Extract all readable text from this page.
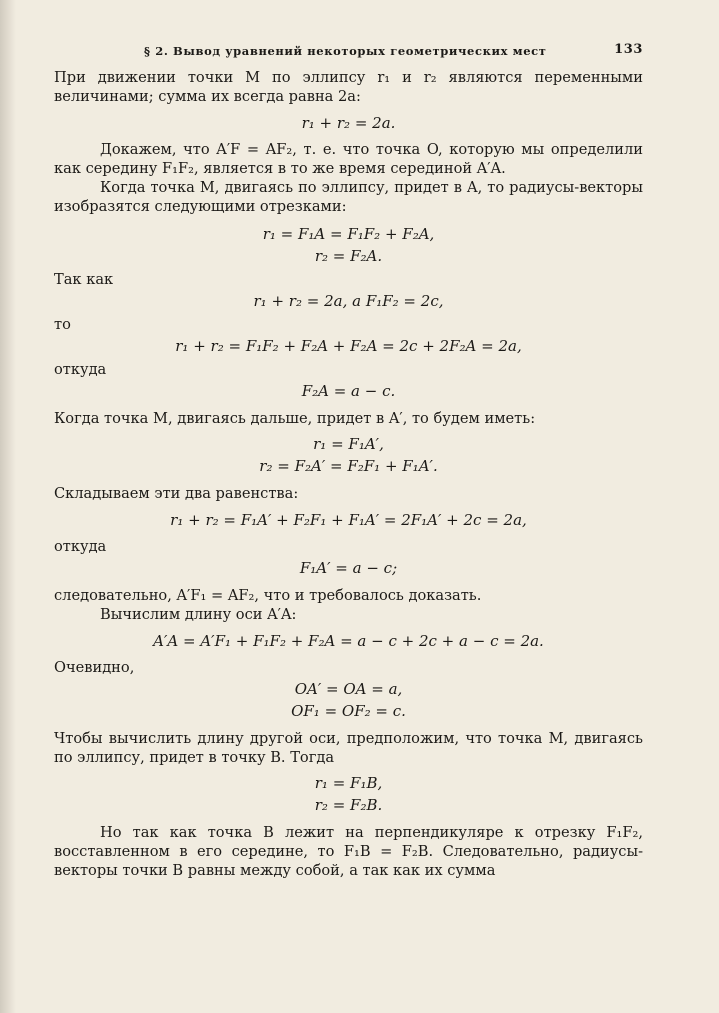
§ 2. Вывод уравнений некоторых геометрических мест	133

При движении точки М по эллипсу r₁ и r₂ являются переменными величинами; сумма их всегда равна 2a:

r₁ + r₂ = 2a.

Докажем, что A′F = AF₂, т. е. что точка O, которую мы определили как середину F₁F₂, является в то же время серединой A′A.

Когда точка М, двигаясь по эллипсу, придет в A, то радиусы-векторы изобразятся следующими отрезками:

r₁ = F₁A = F₁F₂ + F₂A,
r₂ = F₂A.
Так как
r₁ + r₂ = 2a, а F₁F₂ = 2c,
то
r₁ + r₂ = F₁F₂ + F₂A + F₂A = 2c + 2F₂A = 2a,
откуда
F₂A = a − c.

Когда точка М, двигаясь дальше, придет в A′, то будем иметь:

r₁ = F₁A′,
r₂ = F₂A′ = F₂F₁ + F₁A′.

Складываем эти два равенства:

r₁ + r₂ = F₁A′ + F₂F₁ + F₁A′ = 2F₁A′ + 2c = 2a,
откуда
F₁A′ = a − c;

следовательно, A′F₁ = AF₂, что и требовалось доказать.

Вычислим длину оси A′A:

A′A = A′F₁ + F₁F₂ + F₂A = a − c + 2c + a − c = 2a.
Очевидно,
OA′ = OA = a,
OF₁ = OF₂ = c.

Чтобы вычислить длину другой оси, предположим, что точка М, двигаясь по эллипсу, придет в точку B. Тогда

r₁ = F₁B,
r₂ = F₂B.

Но так как точка B лежит на перпендикуляре к отрезку F₁F₂, восставленном в его середине, то F₁B = F₂B. Следовательно, радиусы-векторы точки B равны между собой, а так как их сумма
